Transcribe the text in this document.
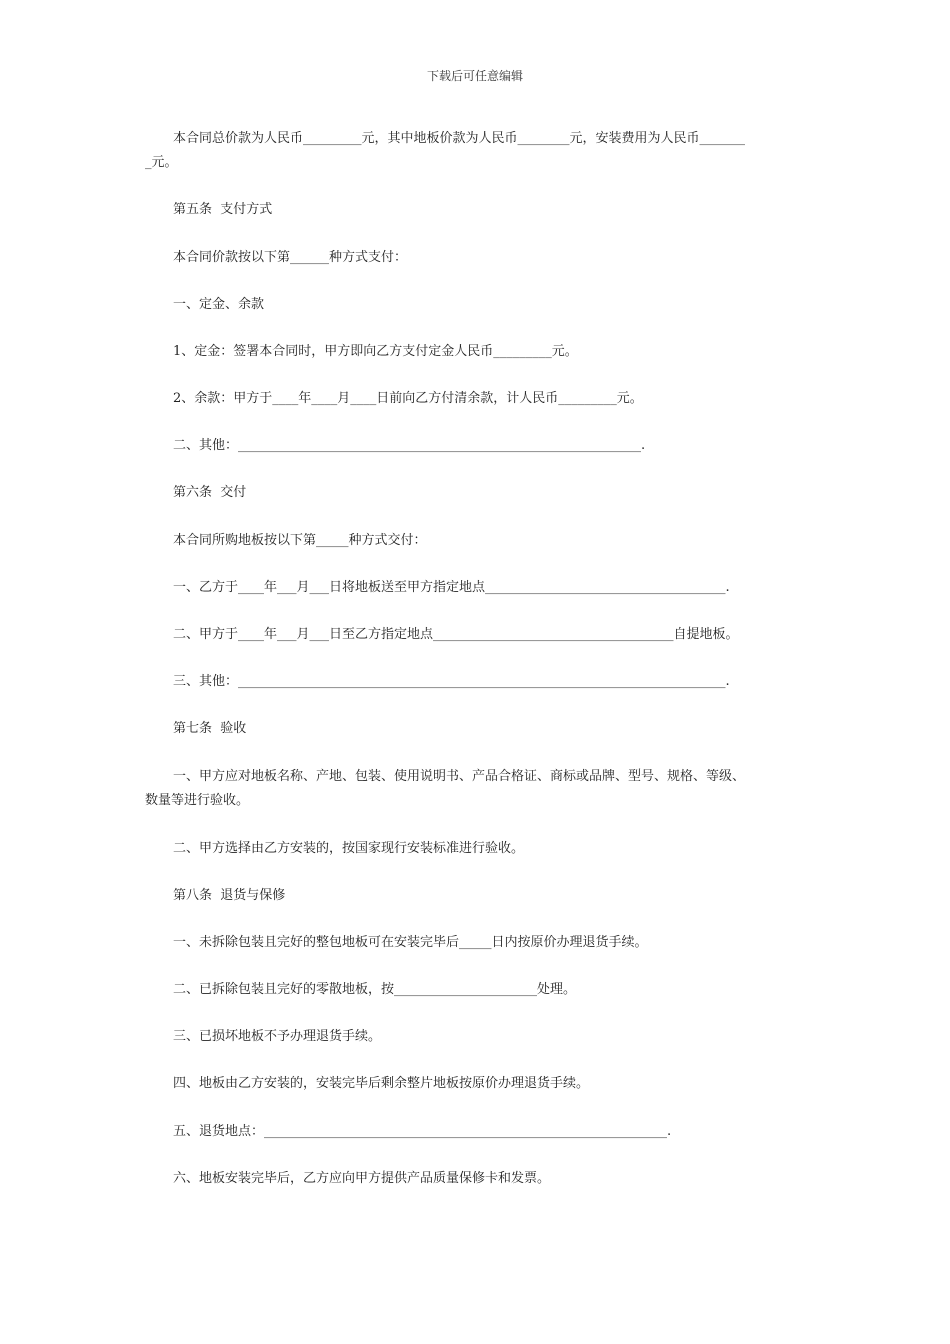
下载后可任意编辑
本合同总价款为人民币_________元，其中地板价款为人民币________元，安装费用为人民币_______
_元。
第五条  支付方式
本合同价款按以下第______种方式支付：
一、定金、余款
1、定金：签署本合同时，甲方即向乙方支付定金人民币_________元。
2、余款：甲方于____年____月____日前向乙方付清余款，计人民币_________元。
二、其他：______________________________________________________________.
第六条  交付
本合同所购地板按以下第_____种方式交付：
一、乙方于____年___月___日将地板送至甲方指定地点_____________________________________.
二、甲方于____年___月___日至乙方指定地点_____________________________________自提地板。
三、其他：___________________________________________________________________________.
第七条  验收
一、甲方应对地板名称、产地、包装、使用说明书、产品合格证、商标或品牌、型号、规格、等级、
数量等进行验收。
二、甲方选择由乙方安装的，按国家现行安装标准进行验收。
第八条  退货与保修
一、未拆除包装且完好的整包地板可在安装完毕后_____日内按原价办理退货手续。
二、已拆除包装且完好的零散地板，按______________________处理。
三、已损坏地板不予办理退货手续。
四、地板由乙方安装的，安装完毕后剩余整片地板按原价办理退货手续。
五、退货地点：______________________________________________________________.
六、地板安装完毕后，乙方应向甲方提供产品质量保修卡和发票。
